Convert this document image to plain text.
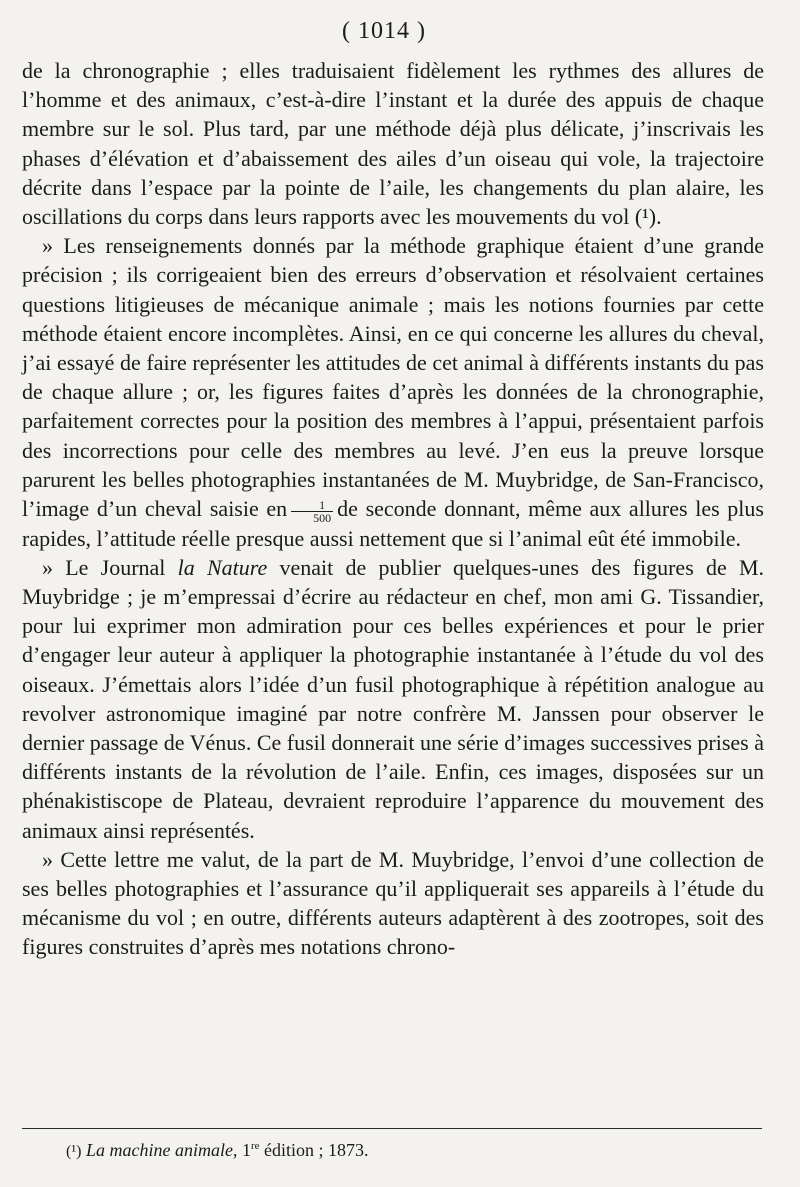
( 1014 )

de la chronographie ; elles traduisaient fidèlement les rythmes des allures de l’homme et des animaux, c’est-à-dire l’instant et la durée des appuis de chaque membre sur le sol. Plus tard, par une méthode déjà plus délicate, j’inscrivais les phases d’élévation et d’abaissement des ailes d’un oiseau qui vole, la trajectoire décrite dans l’espace par la pointe de l’aile, les changements du plan alaire, les oscillations du corps dans leurs rapports avec les mouvements du vol (¹).

» Les renseignements donnés par la méthode graphique étaient d’une grande précision ; ils corrigeaient bien des erreurs d’observation et résolvaient certaines questions litigieuses de mécanique animale ; mais les notions fournies par cette méthode étaient encore incomplètes. Ainsi, en ce qui concerne les allures du cheval, j’ai essayé de faire représenter les attitudes de cet animal à différents instants du pas de chaque allure ; or, les figures faites d’après les données de la chronographie, parfaitement correctes pour la position des membres à l’appui, présentaient parfois des incorrections pour celle des membres au levé. J’en eus la preuve lorsque parurent les belles photographies instantanées de M. Muybridge, de San-Francisco, l’image d’un cheval saisie en $\frac{1}{500}$ de seconde donnant, même aux allures les plus rapides, l’attitude réelle presque aussi nettement que si l’animal eût été immobile.

» Le Journal la Nature venait de publier quelques-unes des figures de M. Muybridge ; je m’empressai d’écrire au rédacteur en chef, mon ami G. Tissandier, pour lui exprimer mon admiration pour ces belles expériences et pour le prier d’engager leur auteur à appliquer la photographie instantanée à l’étude du vol des oiseaux. J’émettais alors l’idée d’un fusil photographique à répétition analogue au revolver astronomique imaginé par notre confrère M. Janssen pour observer le dernier passage de Vénus. Ce fusil donnerait une série d’images successives prises à différents instants de la révolution de l’aile. Enfin, ces images, disposées sur un phénakistiscope de Plateau, devraient reproduire l’apparence du mouvement des animaux ainsi représentés.

» Cette lettre me valut, de la part de M. Muybridge, l’envoi d’une collection de ses belles photographies et l’assurance qu’il appliquerait ses appareils à l’étude du mécanisme du vol ; en outre, différents auteurs adaptèrent à des zootropes, soit des figures construites d’après mes notations chrono-

(¹) La machine animale, 1re édition ; 1873.
